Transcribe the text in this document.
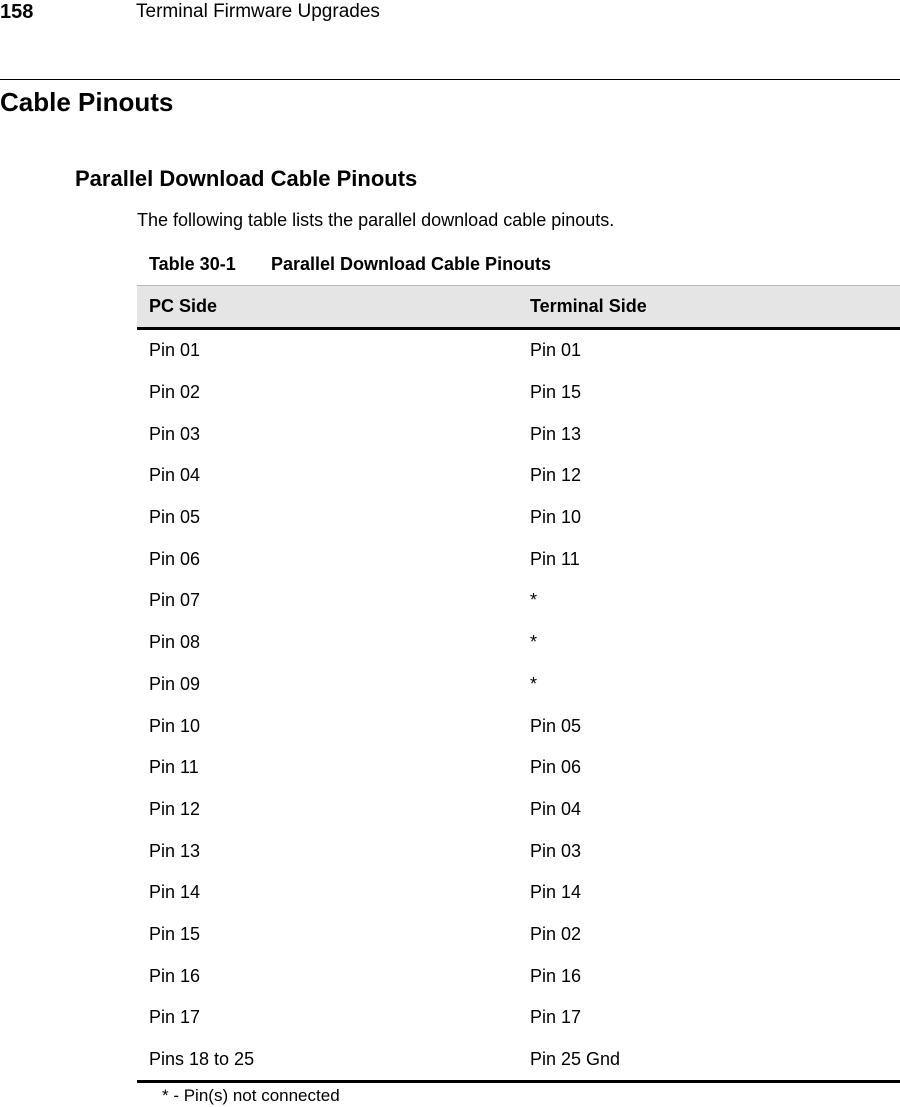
158	Terminal Firmware Upgrades
Cable Pinouts
Parallel Download Cable Pinouts

The following table lists the parallel download cable pinouts.

Table 30-1 Parallel Download Cable Pinouts
PC Side	Terminal Side
Pin 01	Pin 01
Pin 02	Pin 15
Pin 03	Pin 13
Pin 04	Pin 12
Pin 05	Pin 10
Pin 06	Pin 11
Pin 07	*
Pin 08	*
Pin 09	*
Pin 10	Pin 05
Pin 11	Pin 06
Pin 12	Pin 04
Pin 13	Pin 03
Pin 14	Pin 14
Pin 15	Pin 02
Pin 16	Pin 16
Pin 17	Pin 17
Pins 18 to 25	Pin 25 Gnd
* - Pin(s) not connected
